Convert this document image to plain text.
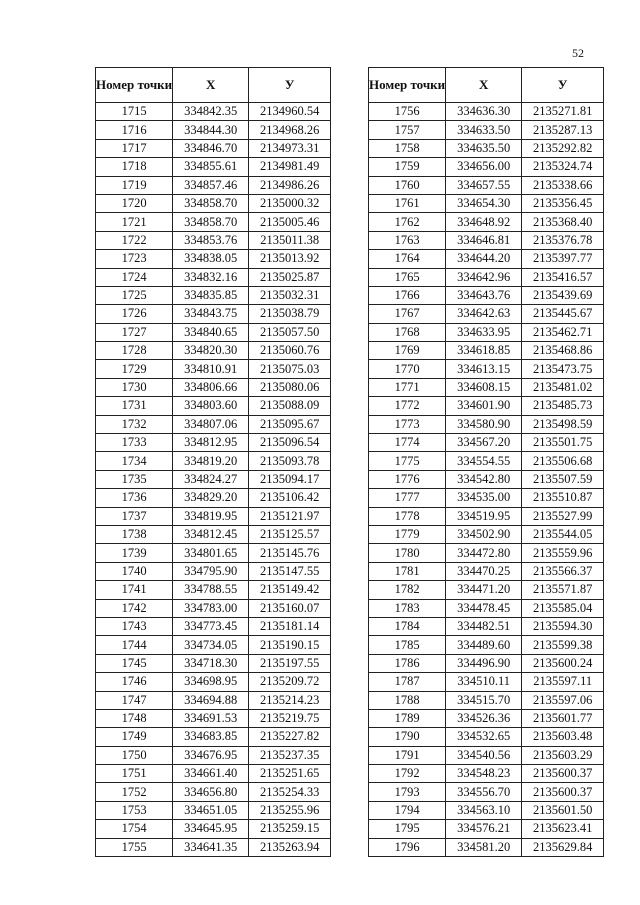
52
Номер точки	X	У
1715	334842.35	2134960.54
1716	334844.30	2134968.26
1717	334846.70	2134973.31
1718	334855.61	2134981.49
1719	334857.46	2134986.26
1720	334858.70	2135000.32
1721	334858.70	2135005.46
1722	334853.76	2135011.38
1723	334838.05	2135013.92
1724	334832.16	2135025.87
1725	334835.85	2135032.31
1726	334843.75	2135038.79
1727	334840.65	2135057.50
1728	334820.30	2135060.76
1729	334810.91	2135075.03
1730	334806.66	2135080.06
1731	334803.60	2135088.09
1732	334807.06	2135095.67
1733	334812.95	2135096.54
1734	334819.20	2135093.78
1735	334824.27	2135094.17
1736	334829.20	2135106.42
1737	334819.95	2135121.97
1738	334812.45	2135125.57
1739	334801.65	2135145.76
1740	334795.90	2135147.55
1741	334788.55	2135149.42
1742	334783.00	2135160.07
1743	334773.45	2135181.14
1744	334734.05	2135190.15
1745	334718.30	2135197.55
1746	334698.95	2135209.72
1747	334694.88	2135214.23
1748	334691.53	2135219.75
1749	334683.85	2135227.82
1750	334676.95	2135237.35
1751	334661.40	2135251.65
1752	334656.80	2135254.33
1753	334651.05	2135255.96
1754	334645.95	2135259.15
1755	334641.35	2135263.94
Номер точки	X	У
1756	334636.30	2135271.81
1757	334633.50	2135287.13
1758	334635.50	2135292.82
1759	334656.00	2135324.74
1760	334657.55	2135338.66
1761	334654.30	2135356.45
1762	334648.92	2135368.40
1763	334646.81	2135376.78
1764	334644.20	2135397.77
1765	334642.96	2135416.57
1766	334643.76	2135439.69
1767	334642.63	2135445.67
1768	334633.95	2135462.71
1769	334618.85	2135468.86
1770	334613.15	2135473.75
1771	334608.15	2135481.02
1772	334601.90	2135485.73
1773	334580.90	2135498.59
1774	334567.20	2135501.75
1775	334554.55	2135506.68
1776	334542.80	2135507.59
1777	334535.00	2135510.87
1778	334519.95	2135527.99
1779	334502.90	2135544.05
1780	334472.80	2135559.96
1781	334470.25	2135566.37
1782	334471.20	2135571.87
1783	334478.45	2135585.04
1784	334482.51	2135594.30
1785	334489.60	2135599.38
1786	334496.90	2135600.24
1787	334510.11	2135597.11
1788	334515.70	2135597.06
1789	334526.36	2135601.77
1790	334532.65	2135603.48
1791	334540.56	2135603.29
1792	334548.23	2135600.37
1793	334556.70	2135600.37
1794	334563.10	2135601.50
1795	334576.21	2135623.41
1796	334581.20	2135629.84
